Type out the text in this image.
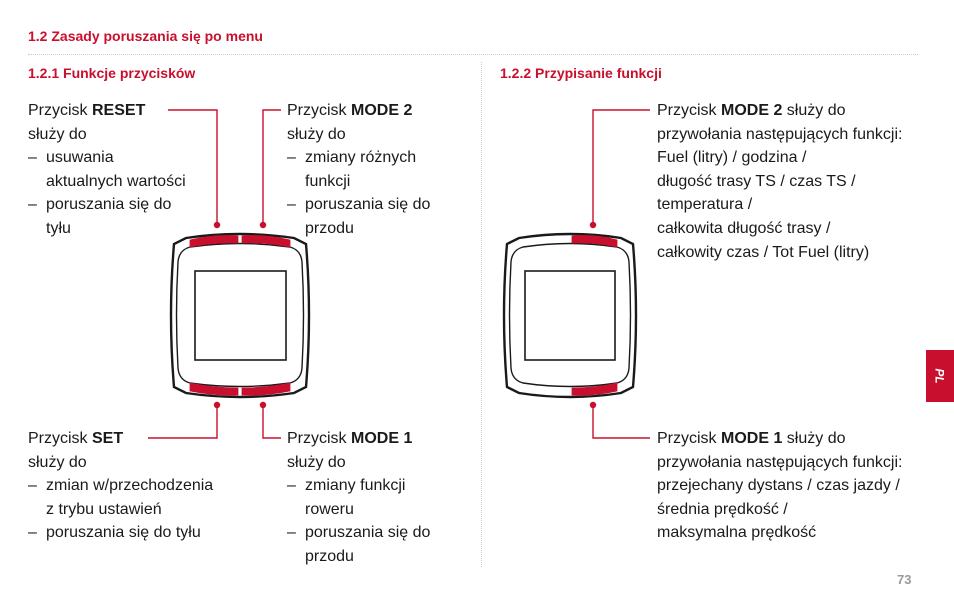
1.2 Zasady poruszania się po menu
1.2.1 Funkcje przycisków	1.2.2 Przypisanie funkcji
Przycisk RESET
służy do
– usuwania
aktualnych wartości
– poruszania się do
tyłu
Przycisk MODE 2
służy do
– zmiany różnych
funkcji
– poruszania się do
przodu
Przycisk SET
służy do
– zmian w/przechodzenia
z trybu ustawień
– poruszania się do tyłu
Przycisk MODE 1
służy do
– zmiany funkcji
roweru
– poruszania się do
przodu
Przycisk MODE 2 służy do
przywołania następujących funkcji:
Fuel (litry) / godzina /
długość trasy TS / czas TS /
temperatura /
całkowita długość trasy /
całkowity czas / Tot Fuel (litry)
Przycisk MODE 1 służy do
przywołania następujących funkcji:
przejechany dystans / czas jazdy /
średnia prędkość /
maksymalna prędkość
PL
73
